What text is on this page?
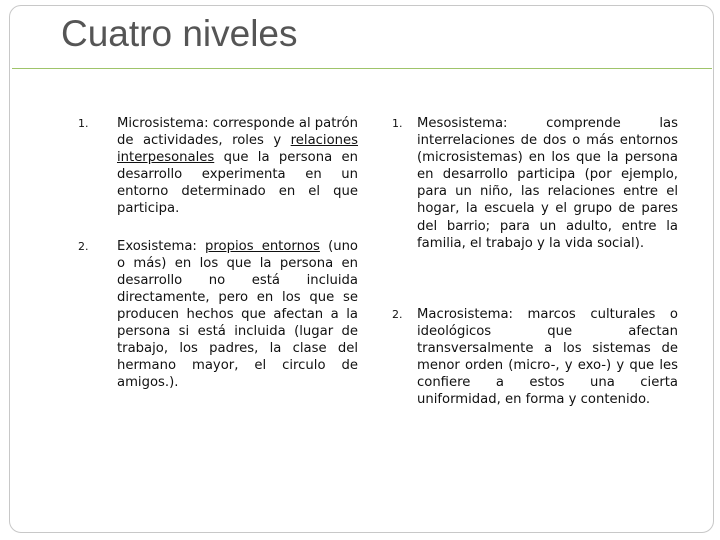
Cuatro niveles
1. Microsistema: corresponde al patrón de actividades, roles y relaciones interpesonales que la persona en desarrollo experimenta en un entorno determinado en el que participa.
2. Exosistema: propios entornos (uno o más) en los que la persona en desarrollo no está incluida directamente, pero en los que se producen hechos que afectan a la persona si está incluida (lugar de trabajo, los padres, la clase del hermano mayor, el circulo de amigos.).
1. Mesosistema: comprende las interrelaciones de dos o más entornos (microsistemas) en los que la persona en desarrollo participa (por ejemplo, para un niño, las relaciones entre el hogar, la escuela y el grupo de pares del barrio; para un adulto, entre la familia, el trabajo y la vida social).
2. Macrosistema: marcos culturales o ideológicos que afectan transversalmente a los sistemas de menor orden (micro-, y exo-) y que les confiere a estos una cierta uniformidad, en forma y contenido.
